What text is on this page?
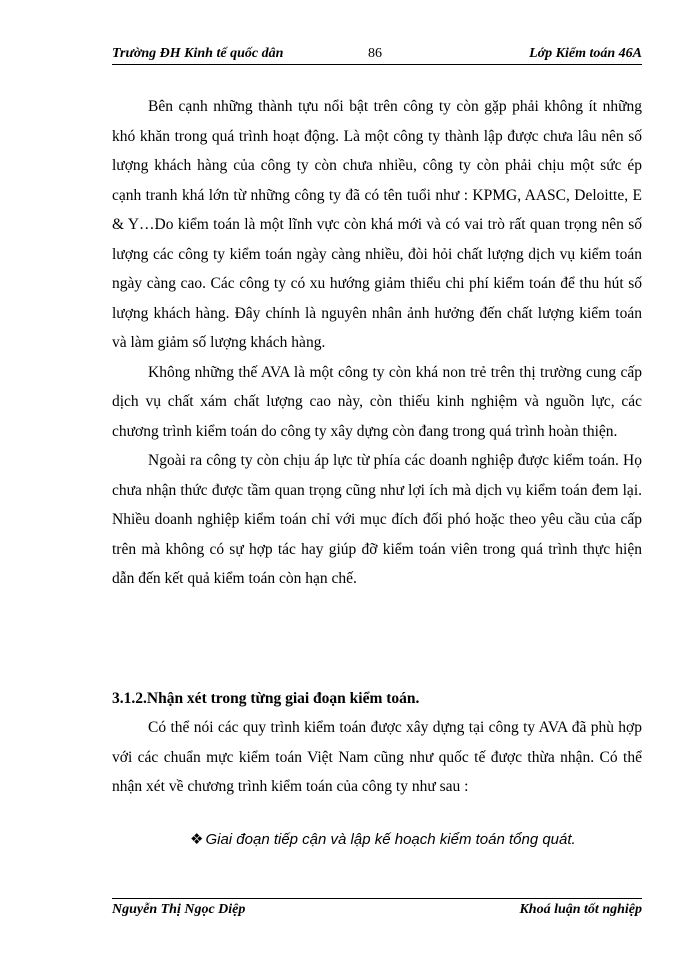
Trường ĐH Kinh tế quốc dân	86	Lớp Kiểm toán 46A

Bên cạnh những thành tựu nổi bật trên công ty còn gặp phải không ít những khó khăn trong quá trình hoạt động. Là một công ty thành lập được chưa lâu nên số lượng khách hàng của công ty còn chưa nhiều, công ty còn phải chịu một sức ép cạnh tranh khá lớn từ những công ty đã có tên tuổi như : KPMG, AASC, Deloitte, E & Y…Do kiểm toán là một lĩnh vực còn khá mới và có vai trò rất quan trọng nên số lượng các công ty kiểm toán ngày càng nhiều, đòi hỏi chất lượng dịch vụ kiểm toán ngày càng cao. Các công ty có xu hướng giảm thiểu chi phí kiểm toán để thu hút số lượng khách hàng. Đây chính là nguyên nhân ảnh hưởng đến chất lượng kiểm toán và làm giảm số lượng khách hàng.

Không những thế AVA là một công ty còn khá non trẻ trên thị trường cung cấp dịch vụ chất xám chất lượng cao này, còn thiếu kinh nghiệm và nguồn lực, các chương trình kiểm toán do công ty xây dựng còn đang trong quá trình hoàn thiện.

Ngoài ra công ty còn chịu áp lực từ phía các doanh nghiệp được kiểm toán. Họ chưa nhận thức được tầm quan trọng cũng như lợi ích mà dịch vụ kiểm toán đem lại. Nhiều doanh nghiệp kiểm toán chỉ với mục đích đối phó hoặc theo yêu cầu của cấp trên mà không có sự hợp tác hay giúp đỡ kiểm toán viên trong quá trình thực hiện dẫn đến kết quả kiểm toán còn hạn chế.

3.1.2.Nhận xét trong từng giai đoạn kiểm toán.

Có thể nói các quy trình kiểm toán được xây dựng tại công ty AVA đã phù hợp với các chuẩn mực kiểm toán Việt Nam cũng như quốc tế được thừa nhận. Có thể nhận xét về chương trình kiểm toán của công ty như sau :

❖ Giai đoạn tiếp cận và lập kế hoạch kiểm toán tổng quát.
Nguyễn Thị Ngọc Diệp	Khoá luận tốt nghiệp
